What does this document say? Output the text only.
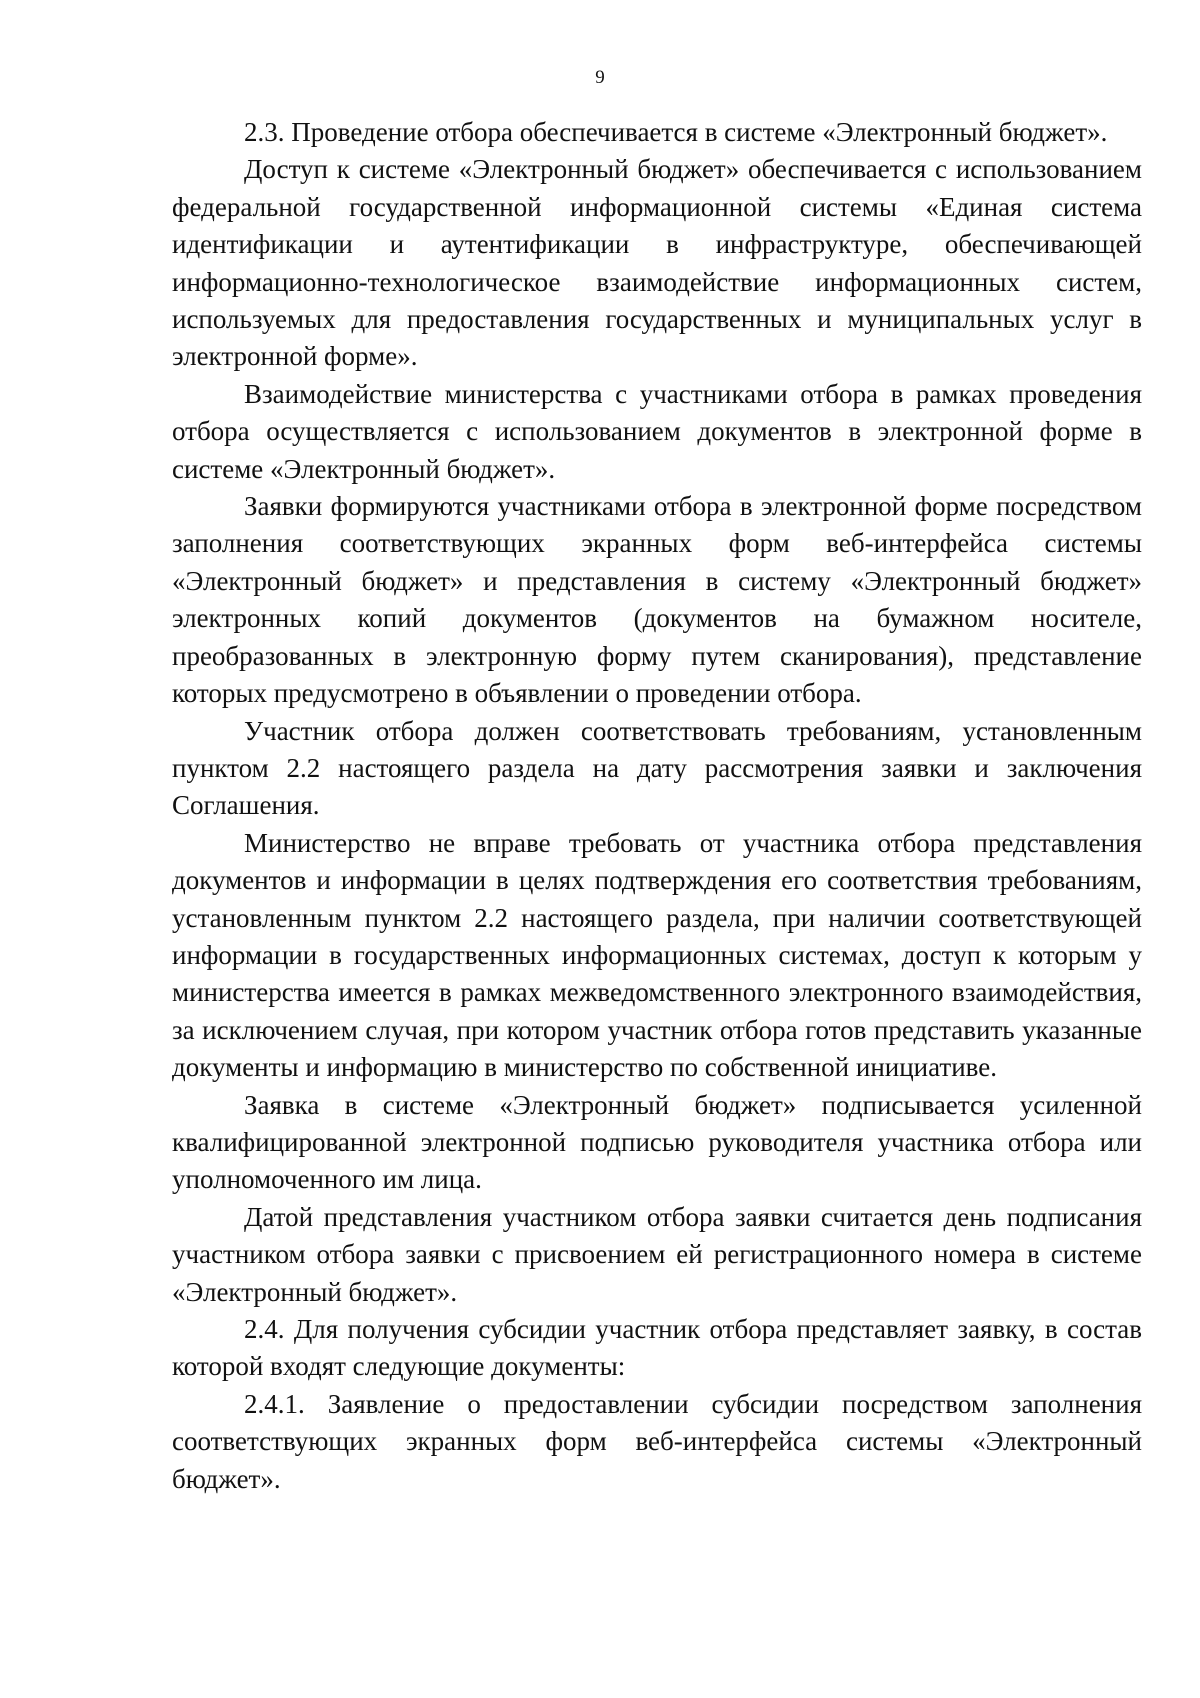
9

2.3. Проведение отбора обеспечивается в системе «Электронный бюджет».

Доступ к системе «Электронный бюджет» обеспечивается с использованием федеральной государственной информационной системы «Единая система идентификации и аутентификации в инфраструктуре, обеспечивающей информационно-технологическое взаимодействие информационных систем, используемых для предоставления государственных и муниципальных услуг в электронной форме».

Взаимодействие министерства с участниками отбора в рамках проведения отбора осуществляется с использованием документов в электронной форме в системе «Электронный бюджет».

Заявки формируются участниками отбора в электронной форме посредством заполнения соответствующих экранных форм веб-интерфейса системы «Электронный бюджет» и представления в систему «Электронный бюджет» электронных копий документов (документов на бумажном носителе, преобразованных в электронную форму путем сканирования), представление которых предусмотрено в объявлении о проведении отбора.

Участник отбора должен соответствовать требованиям, установленным пунктом 2.2 настоящего раздела на дату рассмотрения заявки и заключения Соглашения.

Министерство не вправе требовать от участника отбора представления документов и информации в целях подтверждения его соответствия требованиям, установленным пунктом 2.2 настоящего раздела, при наличии соответствующей информации в государственных информационных системах, доступ к которым у министерства имеется в рамках межведомственного электронного взаимодействия, за исключением случая, при котором участник отбора готов представить указанные документы и информацию в министерство по собственной инициативе.

Заявка в системе «Электронный бюджет» подписывается усиленной квалифицированной электронной подписью руководителя участника отбора или уполномоченного им лица.

Датой представления участником отбора заявки считается день подписания участником отбора заявки с присвоением ей регистрационного номера в системе «Электронный бюджет».

2.4. Для получения субсидии участник отбора представляет заявку, в состав которой входят следующие документы:

2.4.1. Заявление о предоставлении субсидии посредством заполнения соответствующих экранных форм веб-интерфейса системы «Электронный бюджет».
